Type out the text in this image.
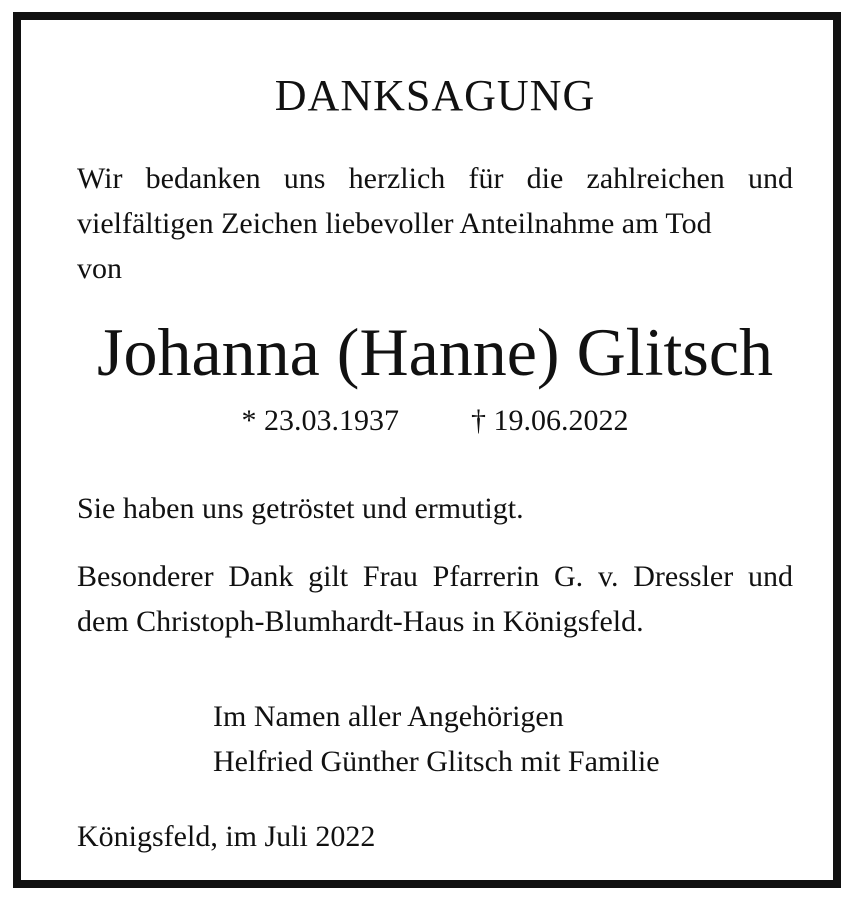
DANKSAGUNG

Wir bedanken uns herzlich für die zahlreichen und vielfältigen Zeichen liebevoller Anteilnahme am Tod
von

Johanna (Hanne) Glitsch
* 23.03.1937 † 19.06.2022

Sie haben uns getröstet und ermutigt.

Besonderer Dank gilt Frau Pfarrerin G. v. Dressler und dem Christoph-Blumhardt-Haus in Königsfeld.

Im Namen aller Angehörigen
Helfried Günther Glitsch mit Familie
Königsfeld, im Juli 2022
